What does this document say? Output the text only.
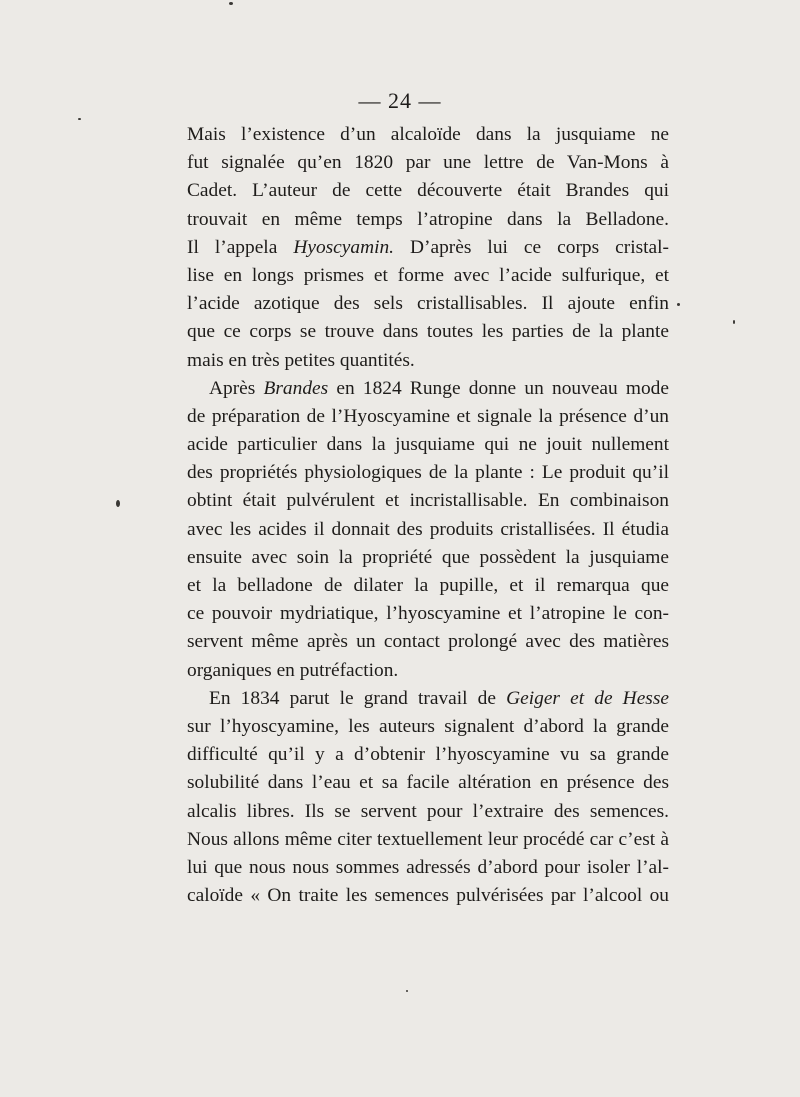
— 24 —
Mais l’existence d’un alcaloïde dans la jusquiame ne
fut signalée qu’en 1820 par une lettre de Van-Mons à
Cadet. L’auteur de cette découverte était Brandes qui
trouvait en même temps l’atropine dans la Belladone.
Il l’appela Hyoscyamin. D’après lui ce corps cristal-
lise en longs prismes et forme avec l’acide sulfurique, et
l’acide azotique des sels cristallisables. Il ajoute enfin
que ce corps se trouve dans toutes les parties de la plante
mais en très petites quantités.
Après Brandes en 1824 Runge donne un nouveau mode
de préparation de l’Hyoscyamine et signale la présence d’un
acide particulier dans la jusquiame qui ne jouit nullement
des propriétés physiologiques de la plante : Le produit qu’il
obtint était pulvérulent et incristallisable. En combinaison
avec les acides il donnait des produits cristallisées. Il étudia
ensuite avec soin la propriété que possèdent la jusquiame
et la belladone de dilater la pupille, et il remarqua que
ce pouvoir mydriatique, l’hyoscyamine et l’atropine le con-
servent même après un contact prolongé avec des matières
organiques en putréfaction.
En 1834 parut le grand travail de Geiger et de Hesse
sur l’hyoscyamine, les auteurs signalent d’abord la grande
difficulté qu’il y a d’obtenir l’hyoscyamine vu sa grande
solubilité dans l’eau et sa facile altération en présence des
alcalis libres. Ils se servent pour l’extraire des semences.
Nous allons même citer textuellement leur procédé car c’est à
lui que nous nous sommes adressés d’abord pour isoler l’al-
caloïde « On traite les semences pulvérisées par l’alcool ou
